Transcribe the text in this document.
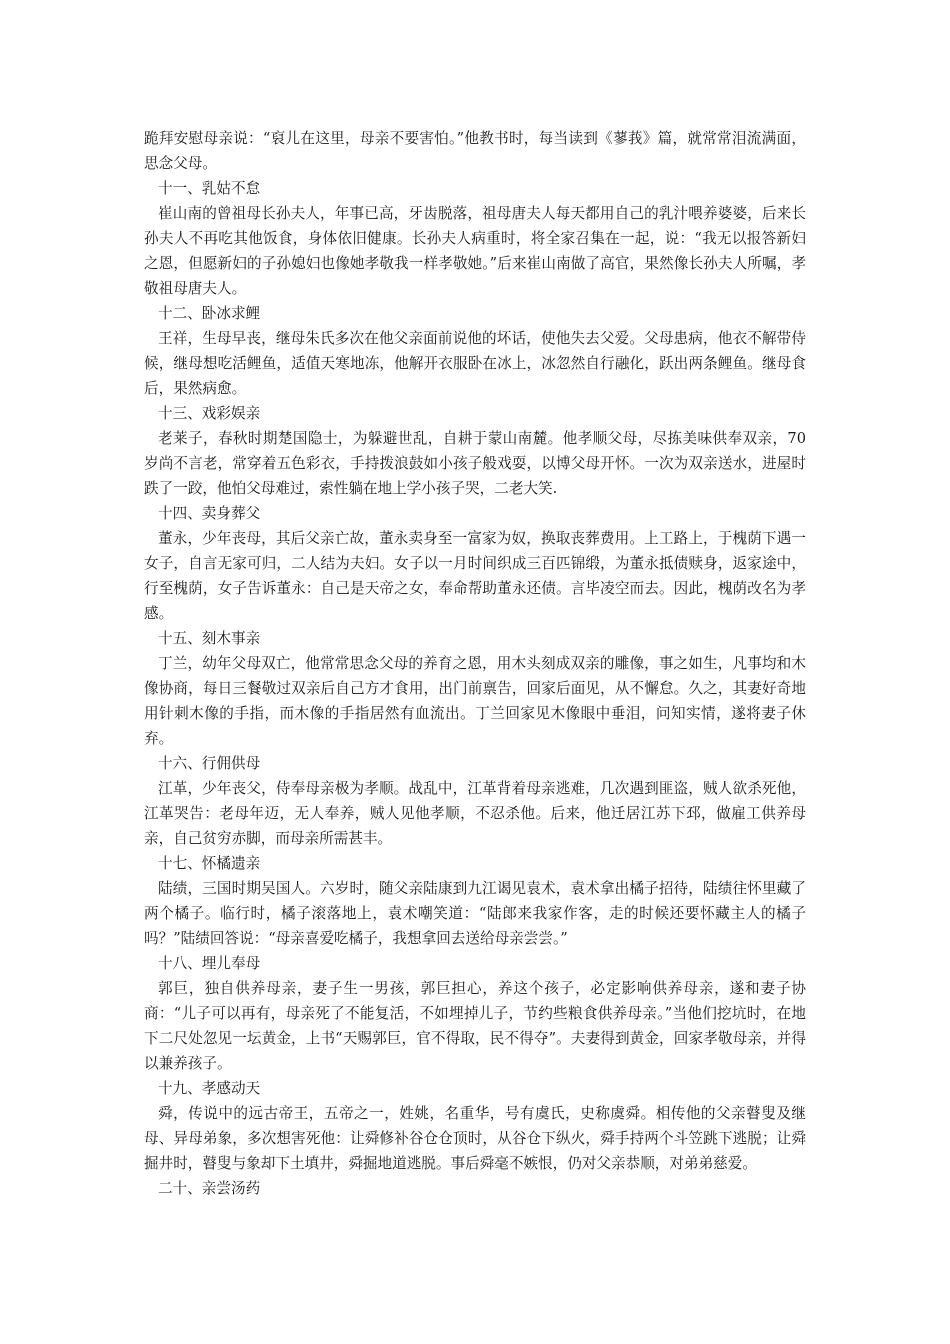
跪拜安慰母亲说：“裒儿在这里，母亲不要害怕。”他教书时，每当读到《蓼莪》篇，就常常泪流满面，思念父母。

十一、乳姑不怠

崔山南的曾祖母长孙夫人，年事已高，牙齿脱落，祖母唐夫人每天都用自己的乳汁喂养婆婆，后来长孙夫人不再吃其他饭食，身体依旧健康。长孙夫人病重时，将全家召集在一起，说：“我无以报答新妇之恩，但愿新妇的子孙媳妇也像她孝敬我一样孝敬她。”后来崔山南做了高官，果然像长孙夫人所嘱，孝敬祖母唐夫人。

十二、卧冰求鲤

王祥，生母早丧，继母朱氏多次在他父亲面前说他的坏话，使他失去父爱。父母患病，他衣不解带侍候，继母想吃活鲤鱼，适值天寒地冻，他解开衣服卧在冰上，冰忽然自行融化，跃出两条鲤鱼。继母食后，果然病愈。

十三、戏彩娱亲

老莱子，春秋时期楚国隐士，为躲避世乱，自耕于蒙山南麓。他孝顺父母，尽拣美味供奉双亲，70 岁尚不言老，常穿着五色彩衣，手持拨浪鼓如小孩子般戏耍，以博父母开怀。一次为双亲送水，进屋时跌了一跤，他怕父母难过，索性躺在地上学小孩子哭，二老大笑.

十四、卖身葬父

董永，少年丧母，其后父亲亡故，董永卖身至一富家为奴，换取丧葬费用。上工路上，于槐荫下遇一女子，自言无家可归，二人结为夫妇。女子以一月时间织成三百匹锦缎，为董永抵债赎身，返家途中，行至槐荫，女子告诉董永：自己是天帝之女，奉命帮助董永还债。言毕凌空而去。因此，槐荫改名为孝感。

十五、刻木事亲

丁兰，幼年父母双亡，他常常思念父母的养育之恩，用木头刻成双亲的雕像，事之如生，凡事均和木像协商，每日三餐敬过双亲后自己方才食用，出门前禀告，回家后面见，从不懈怠。久之，其妻好奇地用针刺木像的手指，而木像的手指居然有血流出。丁兰回家见木像眼中垂泪，问知实情，遂将妻子休弃。

十六、行佣供母

江革，少年丧父，侍奉母亲极为孝顺。战乱中，江革背着母亲逃难，几次遇到匪盗，贼人欲杀死他，江革哭告：老母年迈，无人奉养，贼人见他孝顺，不忍杀他。后来，他迁居江苏下邳，做雇工供养母亲，自己贫穷赤脚，而母亲所需甚丰。

十七、怀橘遗亲

陆绩，三国时期吴国人。六岁时，随父亲陆康到九江谒见袁术，袁术拿出橘子招待，陆绩往怀里藏了两个橘子。临行时，橘子滚落地上，袁术嘲笑道：“陆郎来我家作客，走的时候还要怀藏主人的橘子吗？”陆绩回答说：“母亲喜爱吃橘子，我想拿回去送给母亲尝尝。”

十八、埋儿奉母

郭巨，独自供养母亲，妻子生一男孩，郭巨担心，养这个孩子，必定影响供养母亲，遂和妻子协商：“儿子可以再有，母亲死了不能复活，不如埋掉儿子，节约些粮食供养母亲。”当他们挖坑时，在地下二尺处忽见一坛黄金，上书“天赐郭巨，官不得取，民不得夺”。夫妻得到黄金，回家孝敬母亲，并得以兼养孩子。

十九、孝感动天

舜，传说中的远古帝王，五帝之一，姓姚，名重华，号有虞氏，史称虞舜。相传他的父亲瞽叟及继母、异母弟象，多次想害死他：让舜修补谷仓仓顶时，从谷仓下纵火，舜手持两个斗笠跳下逃脱；让舜掘井时，瞽叟与象却下土填井，舜掘地道逃脱。事后舜毫不嫉恨，仍对父亲恭顺，对弟弟慈爱。

二十、亲尝汤药
